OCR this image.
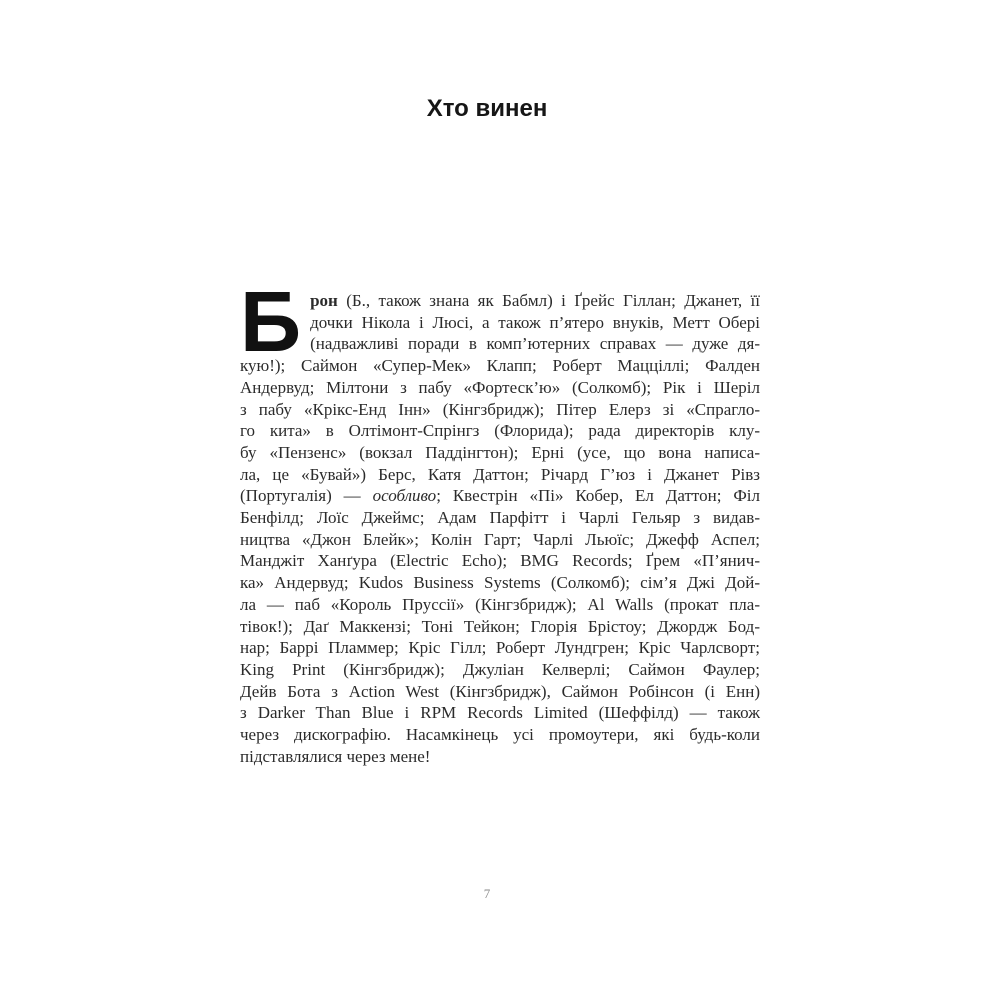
Хто винен
Б рон (Б., також знана як Бабмл) і Ґрейс Гіллан; Джанет, її
дочки Нікола і Люсі, а також п’ятеро внуків, Метт Обері
(надважливі поради в комп’ютерних справах — дуже дя-
кую!); Саймон «Супер-Мек» Клапп; Роберт Мацціллі; Фалден
Андервуд; Мілтони з пабу «Фортеск’ю» (Солкомб); Рік і Шеріл
з пабу «Крікс-Енд Інн» (Кінгзбридж); Пітер Елерз зі «Спрагло-
го кита» в Олтімонт-Спрінгз (Флорида); рада директорів клу-
бу «Пензенс» (вокзал Паддінгтон); Ерні (усе, що вона написа-
ла, це «Бувай») Берс, Катя Даттон; Річард Г’юз і Джанет Рівз
(Португалія) — особливо; Квестрін «Пі» Кобер, Ел Даттон; Філ
Бенфілд; Лоїс Джеймс; Адам Парфітт і Чарлі Гельяр з видав-
ництва «Джон Блейк»; Колін Гарт; Чарлі Льюїс; Джефф Аспел;
Манджіт Ханґура (Electric Echo); BMG Records; Ґрем «П’янич-
ка» Андервуд; Kudos Business Systems (Солкомб); сім’я Джі Дой-
ла — паб «Король Пруссії» (Кінгзбридж); Al Walls (прокат пла-
тівок!); Даґ Маккензі; Тоні Тейкон; Глорія Брістоу; Джордж Бод-
нар; Баррі Пламмер; Кріс Гілл; Роберт Лундгрен; Кріс Чарлсворт;
King Print (Кінгзбридж); Джуліан Келверлі; Саймон Фаулер;
Дейв Бота з Action West (Кінгзбридж), Саймон Робінсон (і Енн)
з Darker Than Blue і RPM Records Limited (Шеффілд) — також
через дискографію. Насамкінець усі промоутери, які будь-коли
підставлялися через мене!
7
